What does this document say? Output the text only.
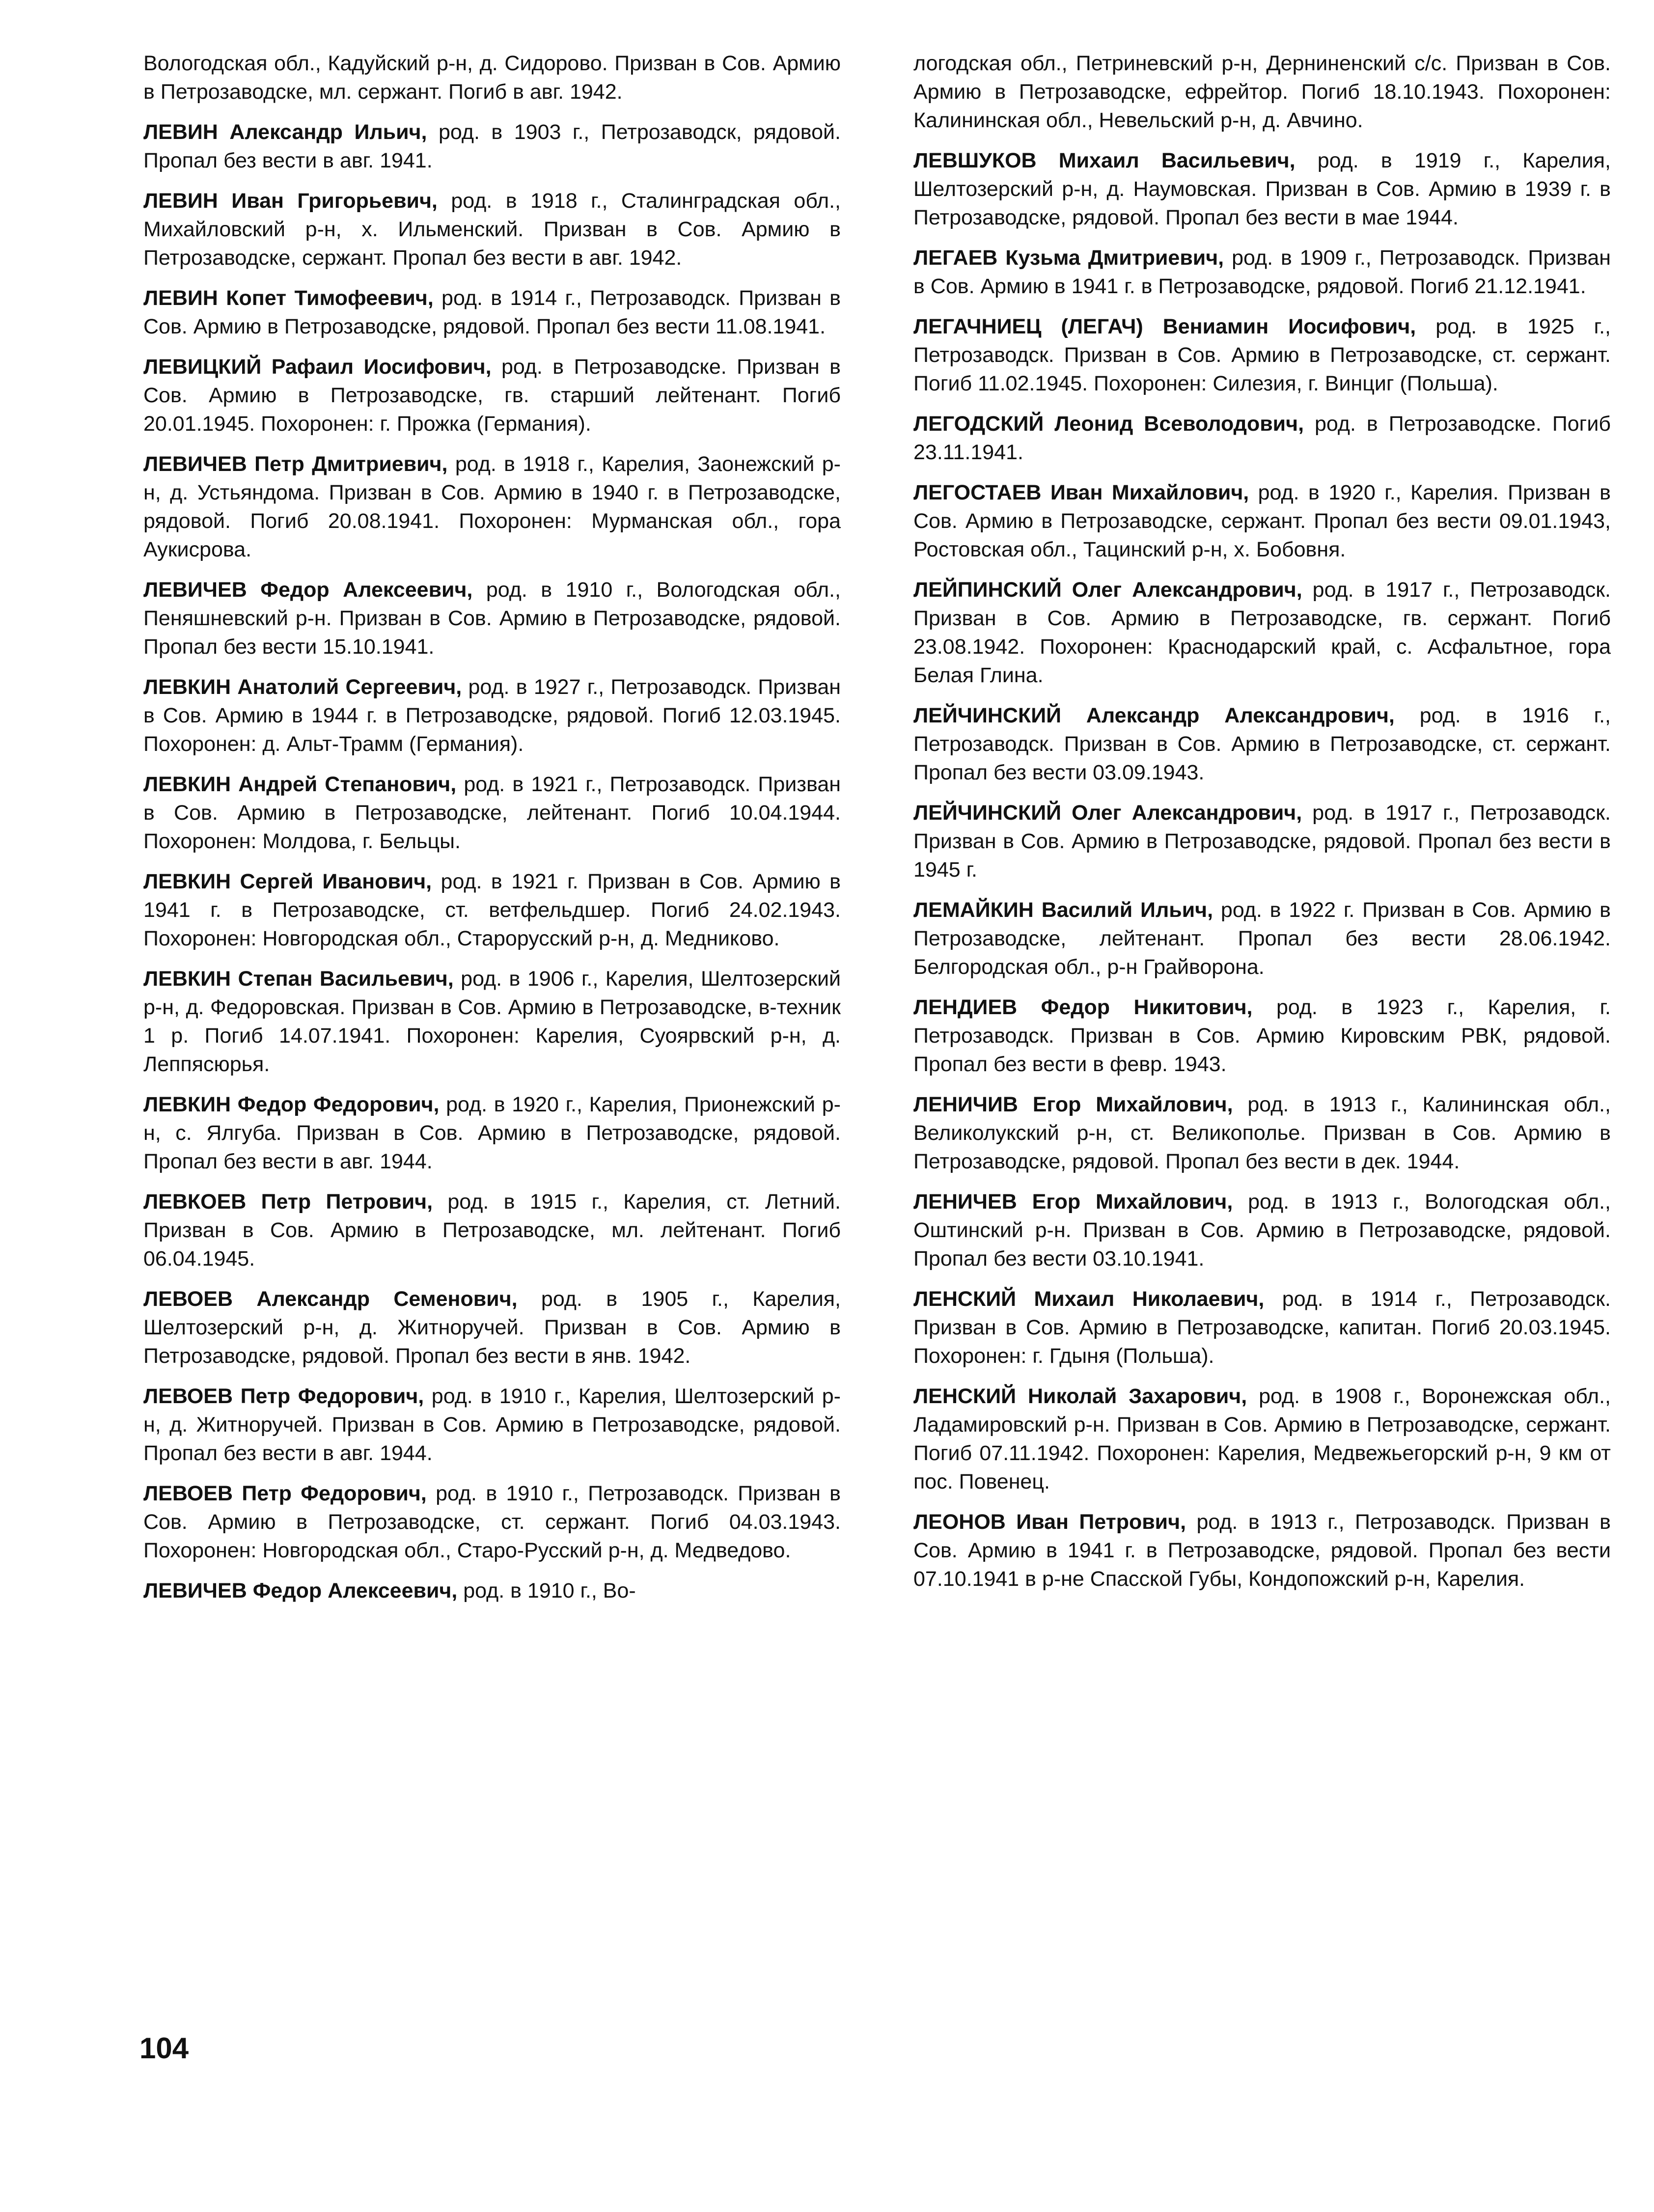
Вологодская обл., Кадуйский р-н, д. Сидорово. Призван в Сов. Армию в Петрозаводске, мл. сержант. Погиб в авг. 1942.

ЛЕВИН Александр Ильич, род. в 1903 г., Петрозаводск, рядовой. Пропал без вести в авг. 1941.

ЛЕВИН Иван Григорьевич, род. в 1918 г., Сталинградская обл., Михайловский р-н, х. Ильменский. Призван в Сов. Армию в Петрозаводске, сержант. Пропал без вести в авг. 1942.

ЛЕВИН Копет Тимофеевич, род. в 1914 г., Петрозаводск. Призван в Сов. Армию в Петрозаводске, рядовой. Пропал без вести 11.08.1941.

ЛЕВИЦКИЙ Рафаил Иосифович, род. в Петрозаводске. Призван в Сов. Армию в Петрозаводске, гв. старший лейтенант. Погиб 20.01.1945. Похоронен: г. Прожка (Германия).

ЛЕВИЧЕВ Петр Дмитриевич, род. в 1918 г., Карелия, Заонежский р-н, д. Устьяндома. Призван в Сов. Армию в 1940 г. в Петрозаводске, рядовой. Погиб 20.08.1941. Похоронен: Мурманская обл., гора Аукисрова.

ЛЕВИЧЕВ Федор Алексеевич, род. в 1910 г., Вологодская обл., Пеняшневский р-н. Призван в Сов. Армию в Петрозаводске, рядовой. Пропал без вести 15.10.1941.

ЛЕВКИН Анатолий Сергеевич, род. в 1927 г., Петрозаводск. Призван в Сов. Армию в 1944 г. в Петрозаводске, рядовой. Погиб 12.03.1945. Похоронен: д. Альт-Трамм (Германия).

ЛЕВКИН Андрей Степанович, род. в 1921 г., Петрозаводск. Призван в Сов. Армию в Петрозаводске, лейтенант. Погиб 10.04.1944. Похоронен: Молдова, г. Бельцы.

ЛЕВКИН Сергей Иванович, род. в 1921 г. Призван в Сов. Армию в 1941 г. в Петрозаводске, ст. ветфельдшер. Погиб 24.02.1943. Похоронен: Новгородская обл., Старорусский р-н, д. Медниково.

ЛЕВКИН Степан Васильевич, род. в 1906 г., Карелия, Шелтозерский р-н, д. Федоровская. Призван в Сов. Армию в Петрозаводске, в-техник 1 р. Погиб 14.07.1941. Похоронен: Карелия, Суоярвский р-н, д. Леппясюрья.

ЛЕВКИН Федор Федорович, род. в 1920 г., Карелия, Прионежский р-н, с. Ялгуба. Призван в Сов. Армию в Петрозаводске, рядовой. Пропал без вести в авг. 1944.

ЛЕВКОЕВ Петр Петрович, род. в 1915 г., Карелия, ст. Летний. Призван в Сов. Армию в Петрозаводске, мл. лейтенант. Погиб 06.04.1945.

ЛЕВОЕВ Александр Семенович, род. в 1905 г., Карелия, Шелтозерский р-н, д. Житноручей. Призван в Сов. Армию в Петрозаводске, рядовой. Пропал без вести в янв. 1942.

ЛЕВОЕВ Петр Федорович, род. в 1910 г., Карелия, Шелтозерский р-н, д. Житноручей. Призван в Сов. Армию в Петрозаводске, рядовой. Пропал без вести в авг. 1944.

ЛЕВОЕВ Петр Федорович, род. в 1910 г., Петрозаводск. Призван в Сов. Армию в Петрозаводске, ст. сержант. Погиб 04.03.1943. Похоронен: Новгородская обл., Старо-Русский р-н, д. Медведово.

ЛЕВИЧЕВ Федор Алексеевич, род. в 1910 г., Во-

логодская обл., Петриневский р-н, Дерниненский с/с. Призван в Сов. Армию в Петрозаводске, ефрейтор. Погиб 18.10.1943. Похоронен: Калининская обл., Невельский р-н, д. Авчино.

ЛЕВШУКОВ Михаил Васильевич, род. в 1919 г., Карелия, Шелтозерский р-н, д. Наумовская. Призван в Сов. Армию в 1939 г. в Петрозаводске, рядовой. Пропал без вести в мае 1944.

ЛЕГАЕВ Кузьма Дмитриевич, род. в 1909 г., Петрозаводск. Призван в Сов. Армию в 1941 г. в Петрозаводске, рядовой. Погиб 21.12.1941.

ЛЕГАЧНИЕЦ (ЛЕГАЧ) Вениамин Иосифович, род. в 1925 г., Петрозаводск. Призван в Сов. Армию в Петрозаводске, ст. сержант. Погиб 11.02.1945. Похоронен: Силезия, г. Винциг (Польша).

ЛЕГОДСКИЙ Леонид Всеволодович, род. в Петрозаводске. Погиб 23.11.1941.

ЛЕГОСТАЕВ Иван Михайлович, род. в 1920 г., Карелия. Призван в Сов. Армию в Петрозаводске, сержант. Пропал без вести 09.01.1943, Ростовская обл., Тацинский р-н, х. Бобовня.

ЛЕЙПИНСКИЙ Олег Александрович, род. в 1917 г., Петрозаводск. Призван в Сов. Армию в Петрозаводске, гв. сержант. Погиб 23.08.1942. Похоронен: Краснодарский край, с. Асфальтное, гора Белая Глина.

ЛЕЙЧИНСКИЙ Александр Александрович, род. в 1916 г., Петрозаводск. Призван в Сов. Армию в Петрозаводске, ст. сержант. Пропал без вести 03.09.1943.

ЛЕЙЧИНСКИЙ Олег Александрович, род. в 1917 г., Петрозаводск. Призван в Сов. Армию в Петрозаводске, рядовой. Пропал без вести в 1945 г.

ЛЕМАЙКИН Василий Ильич, род. в 1922 г. Призван в Сов. Армию в Петрозаводске, лейтенант. Пропал без вести 28.06.1942. Белгородская обл., р-н Грайворона.

ЛЕНДИЕВ Федор Никитович, род. в 1923 г., Карелия, г. Петрозаводск. Призван в Сов. Армию Кировским РВК, рядовой. Пропал без вести в февр. 1943.

ЛЕНИЧИВ Егор Михайлович, род. в 1913 г., Калининская обл., Великолукский р-н, ст. Великополье. Призван в Сов. Армию в Петрозаводске, рядовой. Пропал без вести в дек. 1944.

ЛЕНИЧЕВ Егор Михайлович, род. в 1913 г., Вологодская обл., Оштинский р-н. Призван в Сов. Армию в Петрозаводске, рядовой. Пропал без вести 03.10.1941.

ЛЕНСКИЙ Михаил Николаевич, род. в 1914 г., Петрозаводск. Призван в Сов. Армию в Петрозаводске, капитан. Погиб 20.03.1945. Похоронен: г. Гдыня (Польша).

ЛЕНСКИЙ Николай Захарович, род. в 1908 г., Воронежская обл., Ладамировский р-н. Призван в Сов. Армию в Петрозаводске, сержант. Погиб 07.11.1942. Похоронен: Карелия, Медвежьегорский р-н, 9 км от пос. Повенец.

ЛЕОНОВ Иван Петрович, род. в 1913 г., Петрозаводск. Призван в Сов. Армию в 1941 г. в Петрозаводске, рядовой. Пропал без вести 07.10.1941 в р-не Спасской Губы, Кондопожский р-н, Карелия.

104
